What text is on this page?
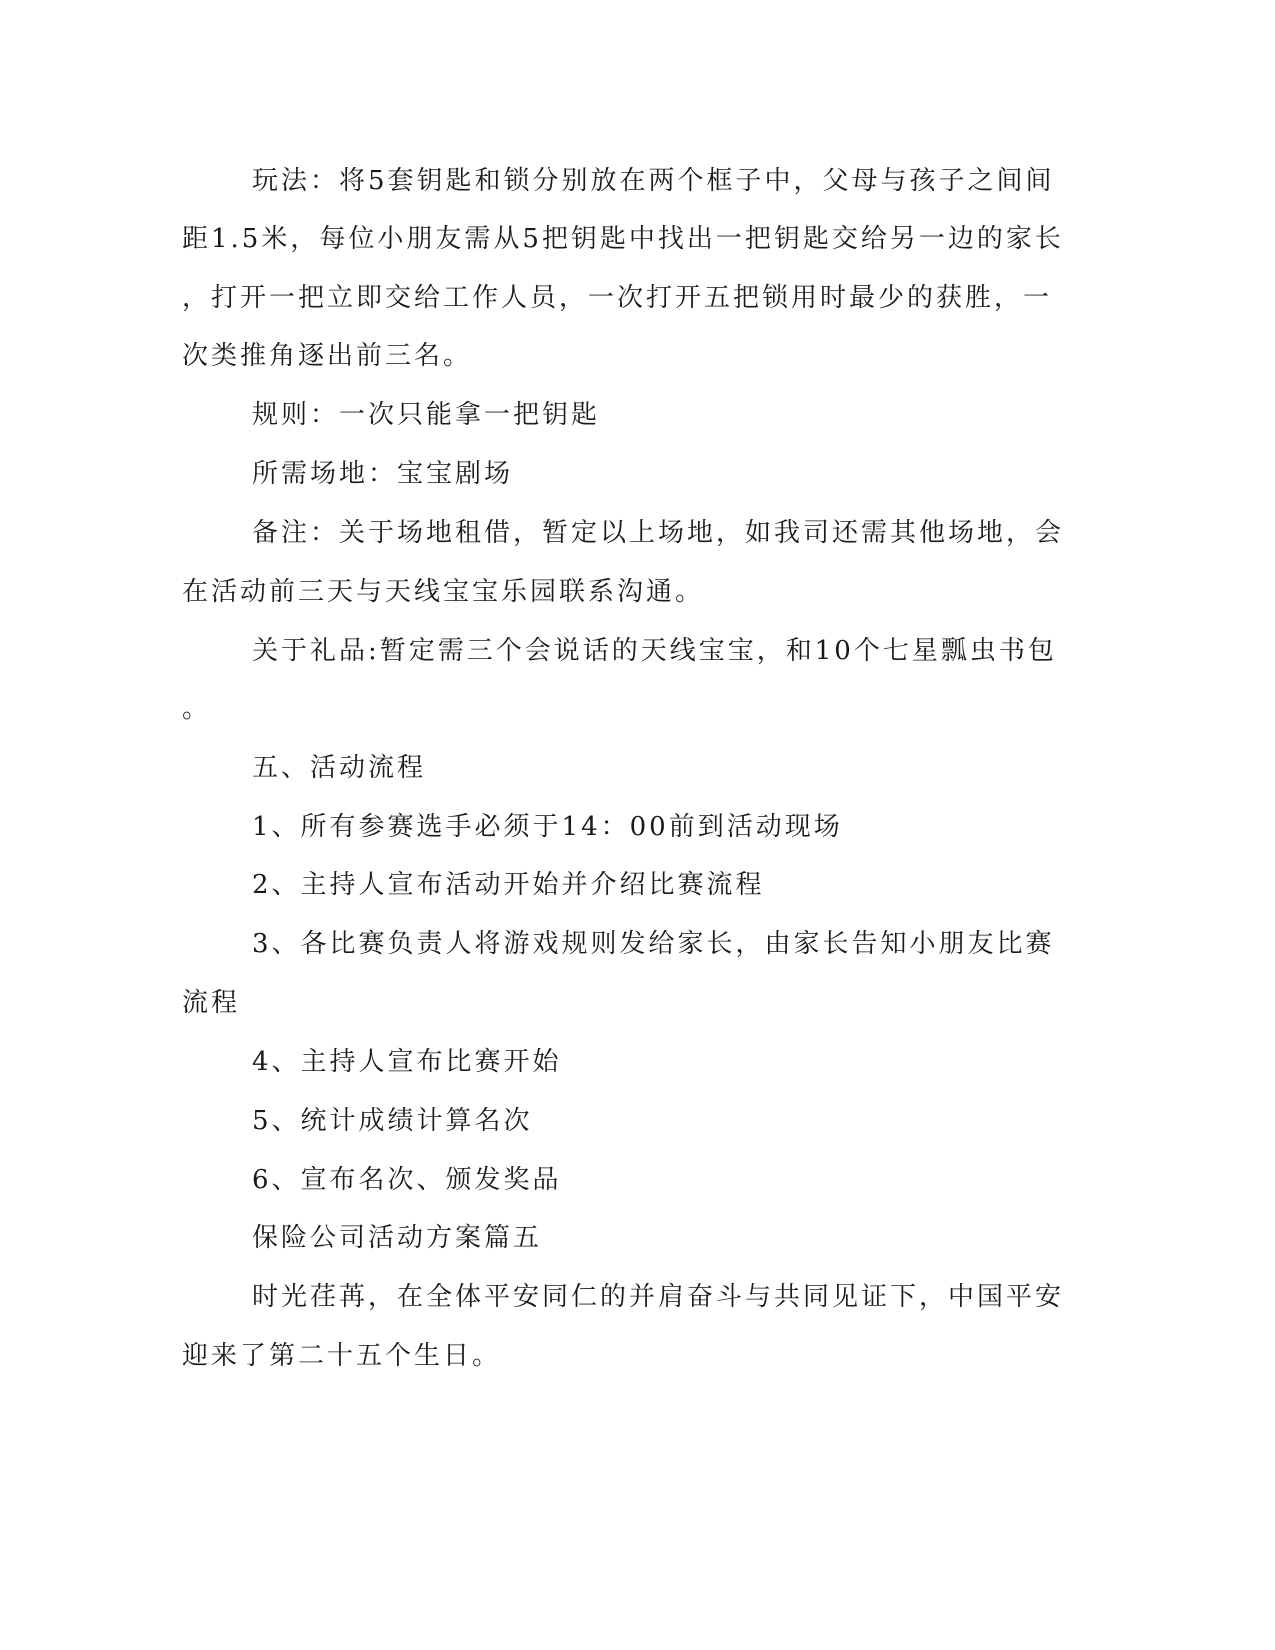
玩法：将5套钥匙和锁分别放在两个框子中，父母与孩子之间间
距1.5米，每位小朋友需从5把钥匙中找出一把钥匙交给另一边的家长
，打开一把立即交给工作人员，一次打开五把锁用时最少的获胜，一
次类推角逐出前三名。
规则：一次只能拿一把钥匙
所需场地：宝宝剧场
备注：关于场地租借，暂定以上场地，如我司还需其他场地，会
在活动前三天与天线宝宝乐园联系沟通。
关于礼品:暂定需三个会说话的天线宝宝，和10个七星瓢虫书包
。
五、活动流程
1、所有参赛选手必须于14：00前到活动现场
2、主持人宣布活动开始并介绍比赛流程
3、各比赛负责人将游戏规则发给家长，由家长告知小朋友比赛
流程
4、主持人宣布比赛开始
5、统计成绩计算名次
6、宣布名次、颁发奖品
保险公司活动方案篇五
时光荏苒，在全体平安同仁的并肩奋斗与共同见证下，中国平安
迎来了第二十五个生日。
